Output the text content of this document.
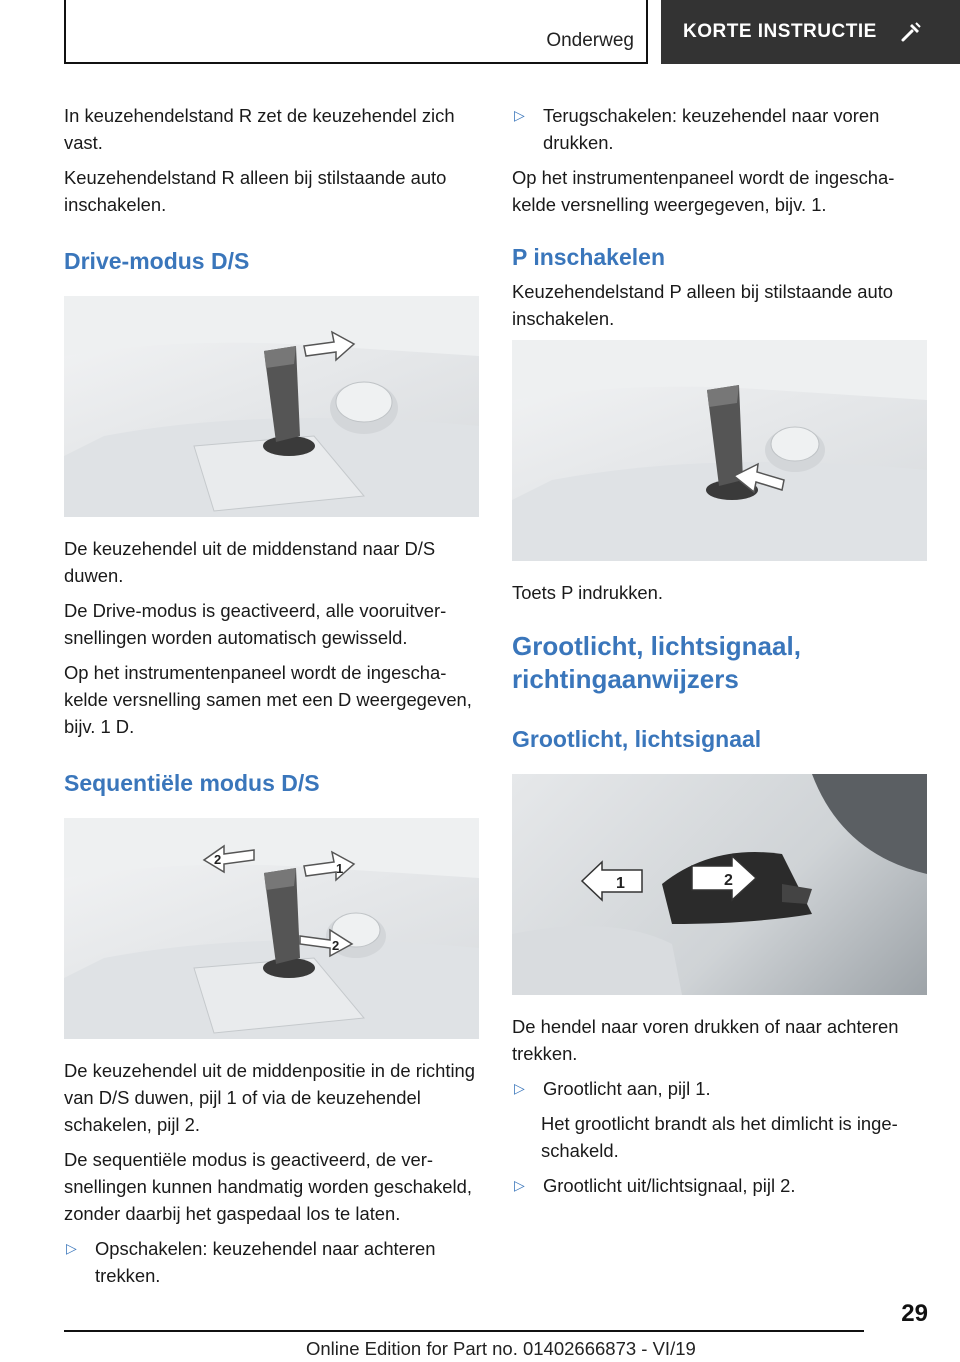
Onderweg	KORTE INSTRUCTIE

In keuzehendelstand R zet de keuzehendel zich vast.

Keuzehendelstand R alleen bij stilstaande auto inschakelen.

Drive-modus D/S

De keuzehendel uit de middenstand naar D/S duwen.

De Drive-modus is geactiveerd, alle vooruitversnellingen worden automatisch gewisseld.

Op het instrumentenpaneel wordt de ingeschakelde versnelling samen met een D weergegeven, bijv. 1 D.

Sequentiële modus D/S
1
2
2

De keuzehendel uit de middenpositie in de richting van D/S duwen, pijl 1 of via de keuzehendel schakelen, pijl 2.

De sequentiële modus is geactiveerd, de versnellingen kunnen handmatig worden geschakeld, zonder daarbij het gaspedaal los te laten.

▷ Opschakelen: keuzehendel naar achteren trekken.
▷ Terugschakelen: keuzehendel naar voren drukken.

Op het instrumentenpaneel wordt de ingeschakelde versnelling weergegeven, bijv. 1.

P inschakelen

Keuzehendelstand P alleen bij stilstaande auto inschakelen.

Toets P indrukken.

Grootlicht, lichtsignaal, richtingaanwijzers
Grootlicht, lichtsignaal
1	2

De hendel naar voren drukken of naar achteren trekken.

▷ Grootlicht aan, pijl 1.

Het grootlicht brandt als het dimlicht is ingeschakeld.

▷ Grootlicht uit/lichtsignaal, pijl 2.
29
Online Edition for Part no. 01402666873 - VI/19
